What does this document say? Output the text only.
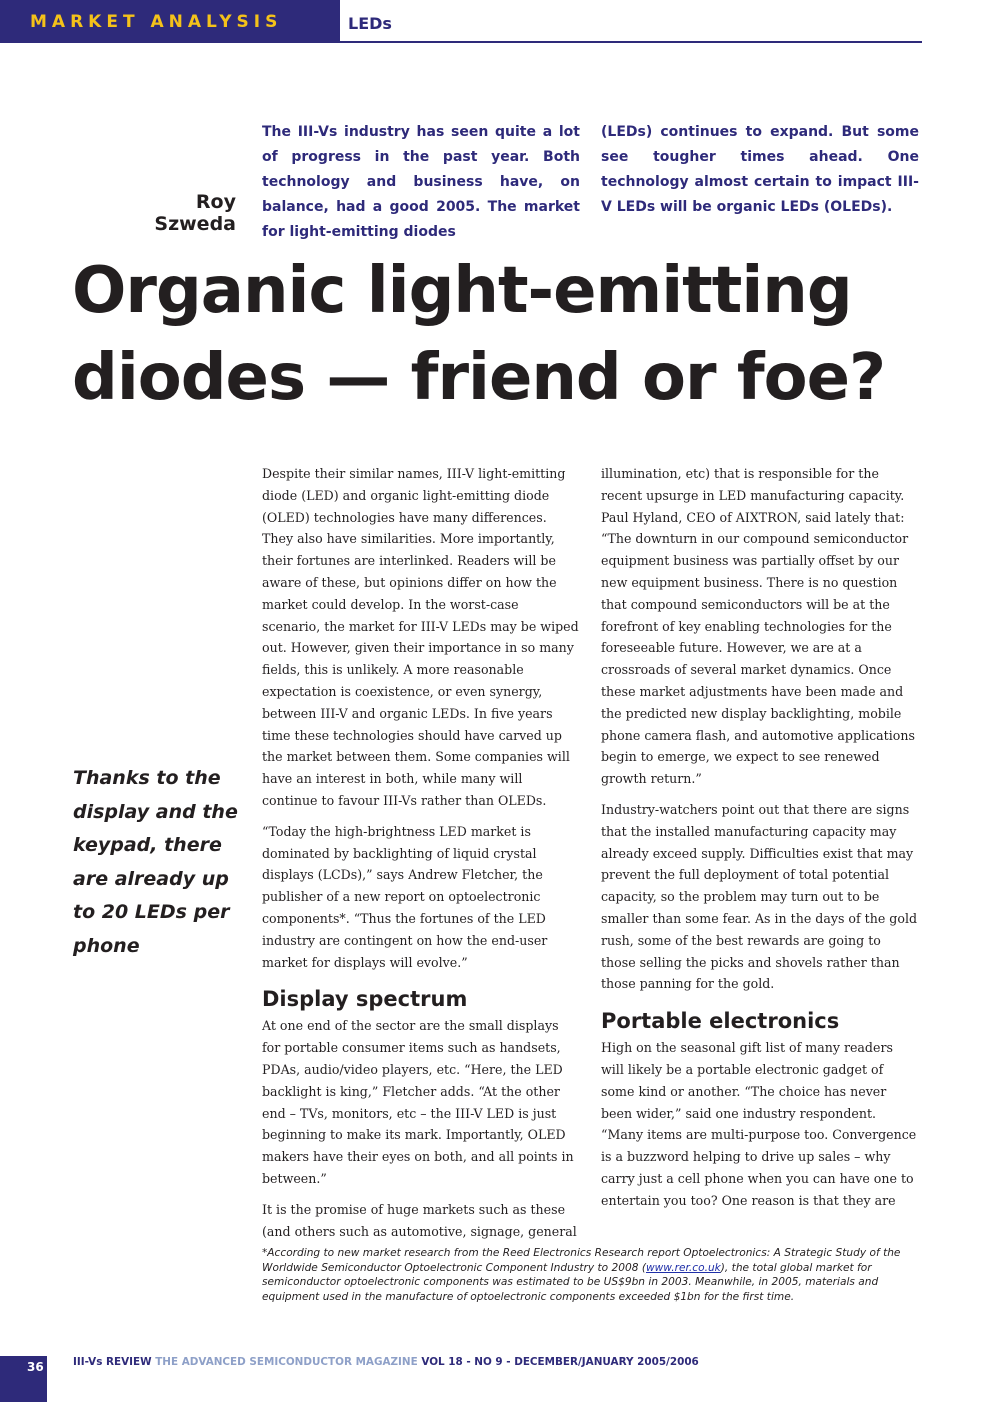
MARKET ANALYSIS	LEDs
Roy Szweda
The III-Vs industry has seen quite a lot of progress in the past year. Both technology and business have, on balance, had a good 2005. The market for light-emitting diodes
(LEDs) continues to expand. But some see tougher times ahead. One technology almost certain to impact III-V LEDs will be organic LEDs (OLEDs).
Organic light-emitting
diodes — friend or foe?
Thanks to the display and the keypad, there are already up to 20 LEDs per phone

Despite their similar names, III-V light-emitting diode (LED) and organic light-emitting diode (OLED) technologies have many differences. They also have similarities. More importantly, their fortunes are interlinked. Readers will be aware of these, but opinions differ on how the market could develop. In the worst-case scenario, the market for III-V LEDs may be wiped out. However, given their importance in so many fields, this is unlikely. A more reasonable expectation is coexistence, or even synergy, between III-V and organic LEDs. In five years time these technologies should have carved up the market between them. Some companies will have an interest in both, while many will continue to favour III-Vs rather than OLEDs.

“Today the high-brightness LED market is dominated by backlighting of liquid crystal displays (LCDs),” says Andrew Fletcher, the publisher of a new report on optoelectronic components*. “Thus the fortunes of the LED industry are contingent on how the end-user market for displays will evolve.”

Display spectrum

At one end of the sector are the small displays for portable consumer items such as handsets, PDAs, audio/video players, etc. “Here, the LED backlight is king,” Fletcher adds. “At the other end – TVs, monitors, etc – the III-V LED is just beginning to make its mark. Importantly, OLED makers have their eyes on both, and all points in between.”

It is the promise of huge markets such as these (and others such as automotive, signage, general

illumination, etc) that is responsible for the recent upsurge in LED manufacturing capacity. Paul Hyland, CEO of AIXTRON, said lately that: “The downturn in our compound semiconductor equipment business was partially offset by our new equipment business. There is no question that compound semiconductors will be at the forefront of key enabling technologies for the foreseeable future. However, we are at a crossroads of several market dynamics. Once these market adjustments have been made and the predicted new display backlighting, mobile phone camera flash, and automotive applications begin to emerge, we expect to see renewed growth return.”

Industry-watchers point out that there are signs that the installed manufacturing capacity may already exceed supply. Difficulties exist that may prevent the full deployment of total potential capacity, so the problem may turn out to be smaller than some fear. As in the days of the gold rush, some of the best rewards are going to those selling the picks and shovels rather than those panning for the gold.

Portable electronics

High on the seasonal gift list of many readers will likely be a portable electronic gadget of some kind or another. “The choice has never been wider,” said one industry respondent. “Many items are multi-purpose too. Convergence is a buzzword helping to drive up sales – why carry just a cell phone when you can have one to entertain you too? One reason is that they are

*According to new market research from the Reed Electronics Research report Optoelectronics: A Strategic Study of the Worldwide Semiconductor Optoelectronic Component Industry to 2008 (www.rer.co.uk), the total global market for semiconductor optoelectronic components was estimated to be US$9bn in 2003. Meanwhile, in 2005, materials and equipment used in the manufacture of optoelectronic components exceeded $1bn for the first time.
36	III-Vs REVIEW THE ADVANCED SEMICONDUCTOR MAGAZINE VOL 18 - NO 9 - DECEMBER/JANUARY 2005/2006
